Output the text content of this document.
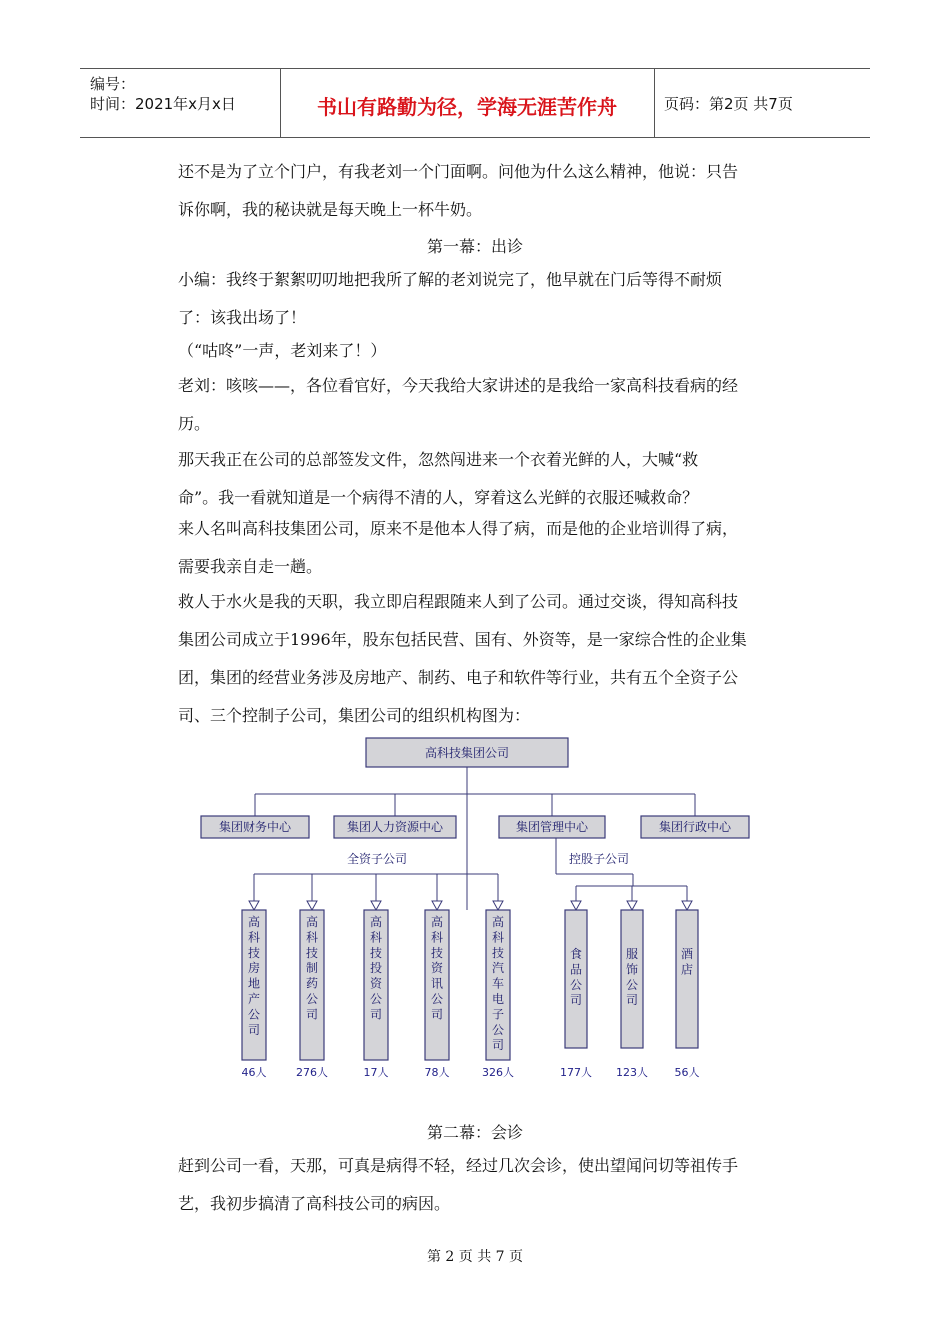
编号：
时间：2021年x月x日	书山有路勤为径，学海无涯苦作舟	页码：第2页 共7页
还不是为了立个门户，有我老刘一个门面啊。问他为什么这么精神，他说：只告
诉你啊，我的秘诀就是每天晚上一杯牛奶。
第一幕：出诊
小编：我终于絮絮叨叨地把我所了解的老刘说完了，他早就在门后等得不耐烦
了：该我出场了！
（“咕咚”一声，老刘来了！）
老刘：咳咳——，各位看官好，今天我给大家讲述的是我给一家高科技看病的经
历。
那天我正在公司的总部签发文件，忽然闯进来一个衣着光鲜的人，大喊“救
命”。我一看就知道是一个病得不清的人，穿着这么光鲜的衣服还喊救命？
来人名叫高科技集团公司，原来不是他本人得了病，而是他的企业培训得了病，
需要我亲自走一趟。
救人于水火是我的天职，我立即启程跟随来人到了公司。通过交谈，得知高科技
集团公司成立于1996年，股东包括民营、国有、外资等，是一家综合性的企业集
团，集团的经营业务涉及房地产、制药、电子和软件等行业，共有五个全资子公
司、三个控制子公司，集团公司的组织机构图为：
高科技集团公司
集团财务中心	集团人力资源中心	集团管理中心	集团行政中心
全资子公司
高科技房地产公司
46人
高科技制药公司
276人
高科技投资公司
17人
高科技资讯公司
78人
高科技汽车电子公司
326人
控股子公司
食品公司
177人
服饰公司
123人
酒店
56人
第二幕：会诊
赶到公司一看，天那，可真是病得不轻，经过几次会诊，使出望闻问切等祖传手
艺，我初步搞清了高科技公司的病因。
第 2 页 共 7 页
